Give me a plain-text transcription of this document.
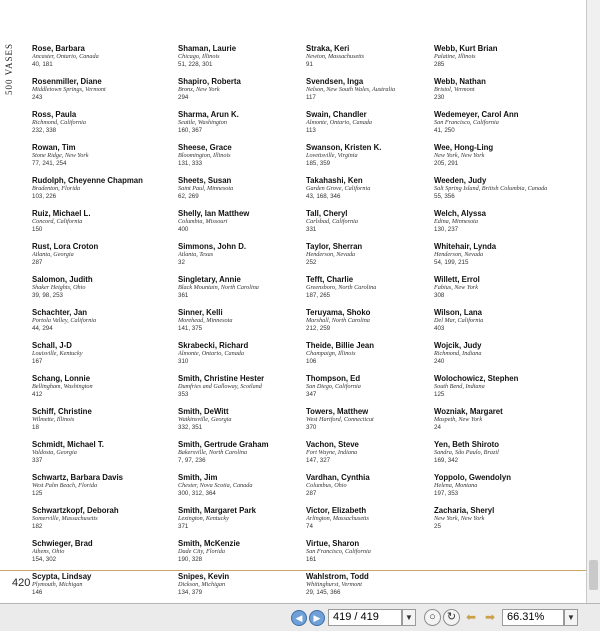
500 VASES Rose, Barbara
Ancaster, Ontario, Canada
40, 181
Rosenmiller, Diane
Middletown Springs, Vermont
243
Ross, Paula
Richmond, California
232, 338
Rowan, Tim
Stone Ridge, New York
77, 241, 254
Rudolph, Cheyenne Chapman
Bradenton, Florida
103, 226
Ruiz, Michael L.
Concord, California
150
Rust, Lora Croton
Atlanta, Georgia
287
Salomon, Judith
Shaker Heights, Ohio
39, 98, 253
Schachter, Jan
Portola Valley, California
44, 294
Schall, J-D
Louisville, Kentucky
167
Schang, Lonnie
Bellingham, Washington
412
Schiff, Christine
Wilmette, Illinois
18
Schmidt, Michael T.
Valdosta, Georgia
337
Schwartz, Barbara Davis
West Palm Beach, Florida
125
Schwartzkopf, Deborah
Somerville, Massachusetts
182
Schwieger, Brad
Athens, Ohio
154, 302
Scypta, Lindsay
Plymouth, Michigan
146
Shaman, Laurie
Chicago, Illinois
51, 228, 301
Shapiro, Roberta
Bronx, New York
294
Sharma, Arun K.
Seattle, Washington
160, 367
Sheese, Grace
Bloomington, Illinois
131, 333
Sheets, Susan
Saint Paul, Minnesota
62, 269
Shelly, Ian Matthew
Columbia, Missouri
400
Simmons, John D.
Atlanta, Texas
32
Singletary, Annie
Black Mountain, North Carolina
361
Sinner, Kelli
Morehead, Minnesota
141, 375
Skrabecki, Richard
Almonte, Ontario, Canada
310
Smith, Christine Hester
Dumfries and Galloway, Scotland
353
Smith, DeWitt
Watkinsville, Georgia
332, 351
Smith, Gertrude Graham
Bakersville, North Carolina
7, 97, 236
Smith, Jim
Chester, Nova Scotia, Canada
300, 312, 364
Smith, Margaret Park
Lexington, Kentucky
371
Smith, McKenzie
Dade City, Florida
190, 328
Snipes, Kevin
Dickson, Michigan
134, 379
Straka, Keri
Newton, Massachusetts
91
Svendsen, Inga
Nelson, New South Wales, Australia
117
Swain, Chandler
Almonte, Ontario, Canada
113
Swanson, Kristen K.
Lovettsville, Virginia
185, 359
Takahashi, Ken
Garden Grove, California
43, 168, 346
Tall, Cheryl
Carlsbad, California
331
Taylor, Sherran
Henderson, Nevada
252
Tefft, Charlie
Greensboro, North Carolina
187, 265
Teruyama, Shoko
Marshall, North Carolina
212, 259
Theide, Billie Jean
Champaign, Illinois
106
Thompson, Ed
San Diego, California
347
Towers, Matthew
West Hartford, Connecticut
370
Vachon, Steve
Fort Wayne, Indiana
147, 327
Vardhan, Cynthia
Columbus, Ohio
287
Victor, Elizabeth
Arlington, Massachusetts
74
Virtue, Sharon
San Francisco, California
161
Wahlstrom, Todd
Whitinghurst, Vermont
29, 145, 366
Webb, Kurt Brian
Palatine, Illinois
285
Webb, Nathan
Bristol, Vermont
230
Wedemeyer, Carol Ann
San Francisco, California
41, 250
Wee, Hong-Ling
New York, New York
205, 291
Weeden, Judy
Salt Spring Island, British Columbia, Canada
55, 356
Welch, Alyssa
Edina, Minnesota
130, 237
Whitehair, Lynda
Henderson, Nevada
54, 199, 215
Willett, Errol
Fabius, New York
308
Wilson, Lana
Del Mar, California
403
Wojcik, Judy
Richmond, Indiana
240
Wolochowicz, Stephen
South Bend, Indiana
125
Wozniak, Margaret
Maspeth, New York
24
Yen, Beth Shiroto
Sandra, São Paulo, Brazil
169, 342
Yoppolo, Gwendolyn
Helena, Montana
197, 353
Zacharia, Sheryl
New York, New York
25
420
◀	▶	419 / 419	▼	○	↻ ⬅ ➡	66.31%	▼
